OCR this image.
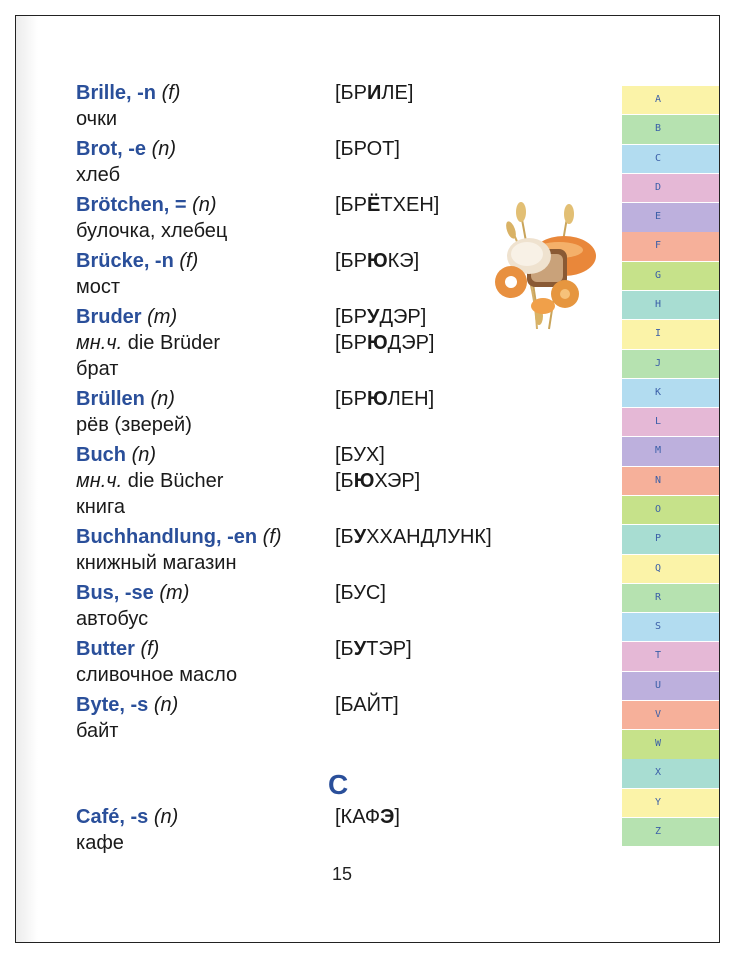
Brille, -n (f)	[БРИЛЕ]
очки
Brot, -e (n)	[БРОТ]
хлеб
Brötchen, = (n)	[БРЁТХЕН]
булочка, хлебец
Brücke, -n (f)	[БРЮКЭ]
мост
Bruder (m)	[БРУДЭР]
мн.ч. die Brüder	[БРЮДЭР]
брат
Brüllen (n)	[БРЮЛЕН]
рёв (зверей)
Buch (n)	[БУХ]
мн.ч. die Bücher	[БЮХЭР]
книга
Buchhandlung, -en (f)	[БУХХАНДЛУНК]
книжный магазин
Bus, -se (m)	[БУС]
автобус
Butter (f)	[БУТЭР]
сливочное масло
Byte, -s (n)	[БАЙТ]
байт
Café, -s (n)	[КАФЭ]
кафе
C
A
B
C
D
E
F
G
H
I
J
K
L
M
N
O
P
Q
R
S
T
U
V
W
X
Y
Z
15
